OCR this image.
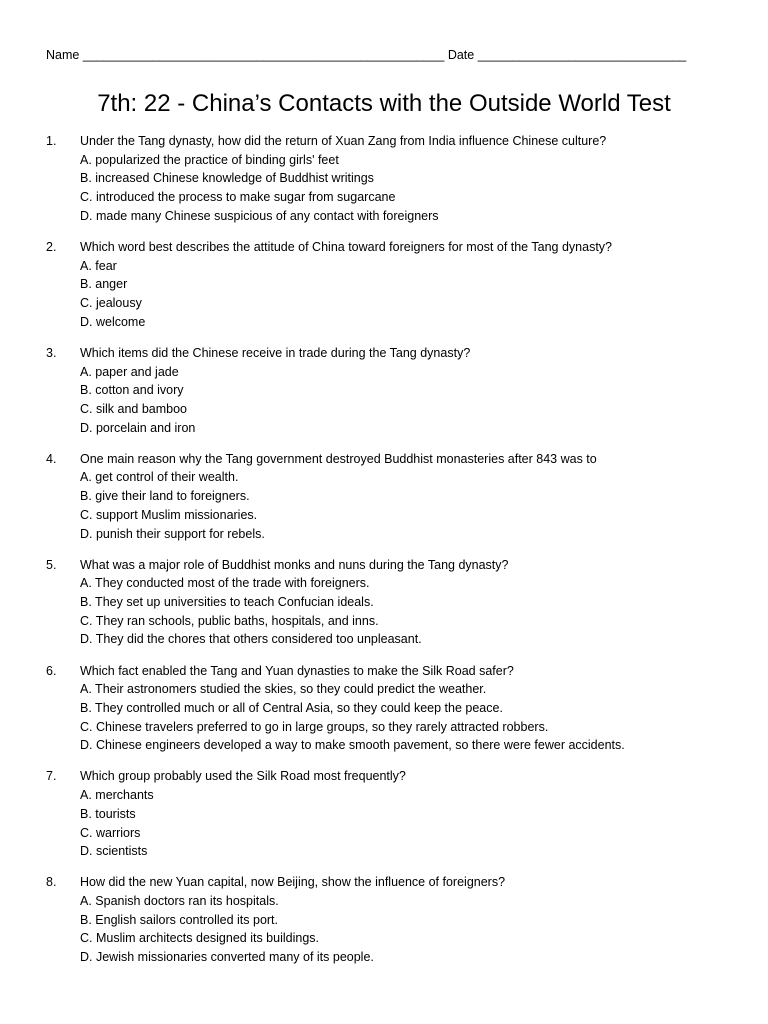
Name ____________________________________________________ Date ______________________________
7th: 22 - China’s Contacts with the Outside World Test
1. Under the Tang dynasty, how did the return of Xuan Zang from India influence Chinese culture?
A. popularized the practice of binding girls' feet
B. increased Chinese knowledge of Buddhist writings
C. introduced the process to make sugar from sugarcane
D. made many Chinese suspicious of any contact with foreigners
2. Which word best describes the attitude of China toward foreigners for most of the Tang dynasty?
A. fear
B. anger
C. jealousy
D. welcome
3. Which items did the Chinese receive in trade during the Tang dynasty?
A. paper and jade
B. cotton and ivory
C. silk and bamboo
D. porcelain and iron
4. One main reason why the Tang government destroyed Buddhist monasteries after 843 was to
A. get control of their wealth.
B. give their land to foreigners.
C. support Muslim missionaries.
D. punish their support for rebels.
5. What was a major role of Buddhist monks and nuns during the Tang dynasty?
A. They conducted most of the trade with foreigners.
B. They set up universities to teach Confucian ideals.
C. They ran schools, public baths, hospitals, and inns.
D. They did the chores that others considered too unpleasant.
6. Which fact enabled the Tang and Yuan dynasties to make the Silk Road safer?
A. Their astronomers studied the skies, so they could predict the weather.
B. They controlled much or all of Central Asia, so they could keep the peace.
C. Chinese travelers preferred to go in large groups, so they rarely attracted robbers.
D. Chinese engineers developed a way to make smooth pavement, so there were fewer accidents.
7. Which group probably used the Silk Road most frequently?
A. merchants
B. tourists
C. warriors
D. scientists
8. How did the new Yuan capital, now Beijing, show the influence of foreigners?
A. Spanish doctors ran its hospitals.
B. English sailors controlled its port.
C. Muslim architects designed its buildings.
D. Jewish missionaries converted many of its people.
